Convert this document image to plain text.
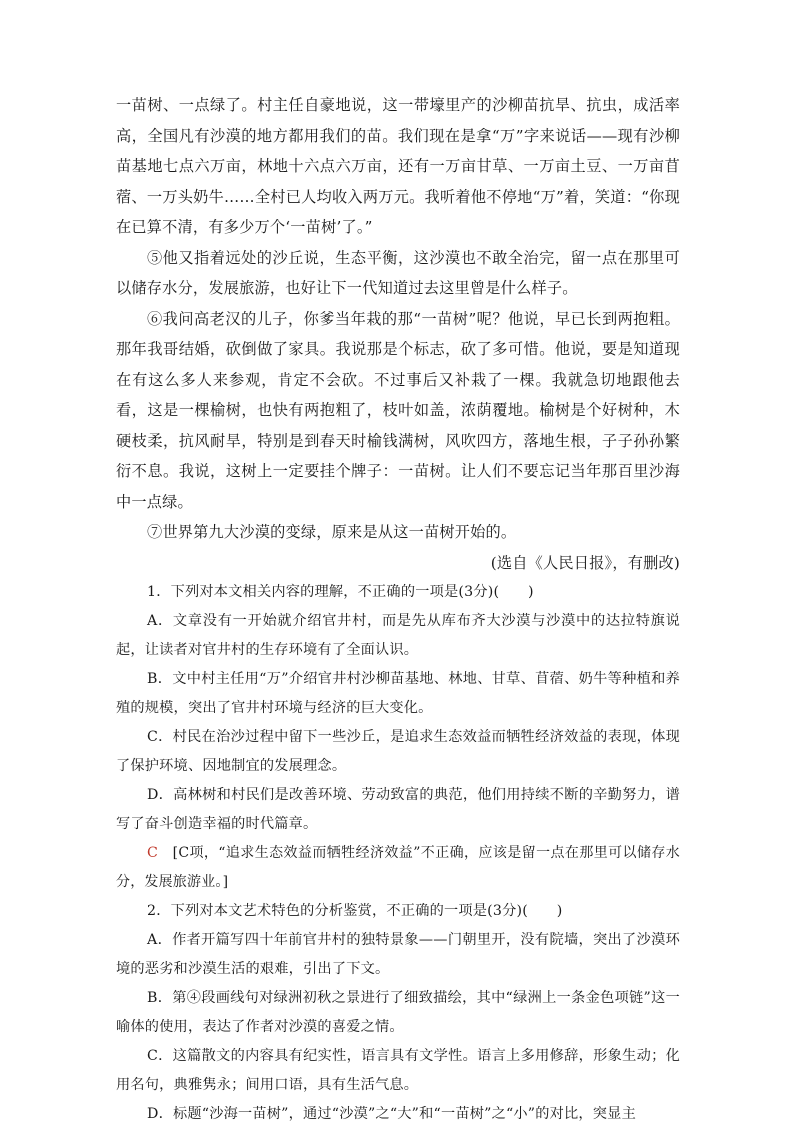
一苗树、一点绿了。村主任自豪地说，这一带壕里产的沙柳苗抗旱、抗虫，成活率高，全国凡有沙漠的地方都用我们的苗。我们现在是拿“万”字来说话——现有沙柳苗基地七点六万亩，林地十六点六万亩，还有一万亩甘草、一万亩土豆、一万亩苜蓿、一万头奶牛……全村已人均收入两万元。我听着他不停地“万”着，笑道：“你现在已算不清，有多少万个‘一苗树’了。”

⑤他又指着远处的沙丘说，生态平衡，这沙漠也不敢全治完，留一点在那里可以储存水分，发展旅游，也好让下一代知道过去这里曾是什么样子。

⑥我问高老汉的儿子，你爹当年栽的那“一苗树”呢？他说，早已长到两抱粗。那年我哥结婚，砍倒做了家具。我说那是个标志，砍了多可惜。他说，要是知道现在有这么多人来参观，肯定不会砍。不过事后又补栽了一棵。我就急切地跟他去看，这是一棵榆树，也快有两抱粗了，枝叶如盖，浓荫覆地。榆树是个好树种，木硬枝柔，抗风耐旱，特别是到春天时榆钱满树，风吹四方，落地生根，子子孙孙繁衍不息。我说，这树上一定要挂个牌子：一苗树。让人们不要忘记当年那百里沙海中一点绿。

⑦世界第九大沙漠的变绿，原来是从这一苗树开始的。

(选自《人民日报》，有删改)

1．下列对本文相关内容的理解，不正确的一项是(3分)(　　)

A．文章没有一开始就介绍官井村，而是先从库布齐大沙漠与沙漠中的达拉特旗说起，让读者对官井村的生存环境有了全面认识。

B．文中村主任用“万”介绍官井村沙柳苗基地、林地、甘草、苜蓿、奶牛等种植和养殖的规模，突出了官井村环境与经济的巨大变化。

C．村民在治沙过程中留下一些沙丘，是追求生态效益而牺牲经济效益的表现，体现了保护环境、因地制宜的发展理念。

D．高林树和村民们是改善环境、劳动致富的典范，他们用持续不断的辛勤努力，谱写了奋斗创造幸福的时代篇章。

C　[C项，“追求生态效益而牺牲经济效益”不正确，应该是留一点在那里可以储存水分，发展旅游业。]

2．下列对本文艺术特色的分析鉴赏，不正确的一项是(3分)(　　)

A．作者开篇写四十年前官井村的独特景象——门朝里开，没有院墙，突出了沙漠环境的恶劣和沙漠生活的艰难，引出了下文。

B．第④段画线句对绿洲初秋之景进行了细致描绘，其中“绿洲上一条金色项链”这一喻体的使用，表达了作者对沙漠的喜爱之情。

C．这篇散文的内容具有纪实性，语言具有文学性。语言上多用修辞，形象生动；化用名句，典雅隽永；间用口语，具有生活气息。

D．标题“沙海一苗树”，通过“沙漠”之“大”和“一苗树”之“小”的对比，突显主
